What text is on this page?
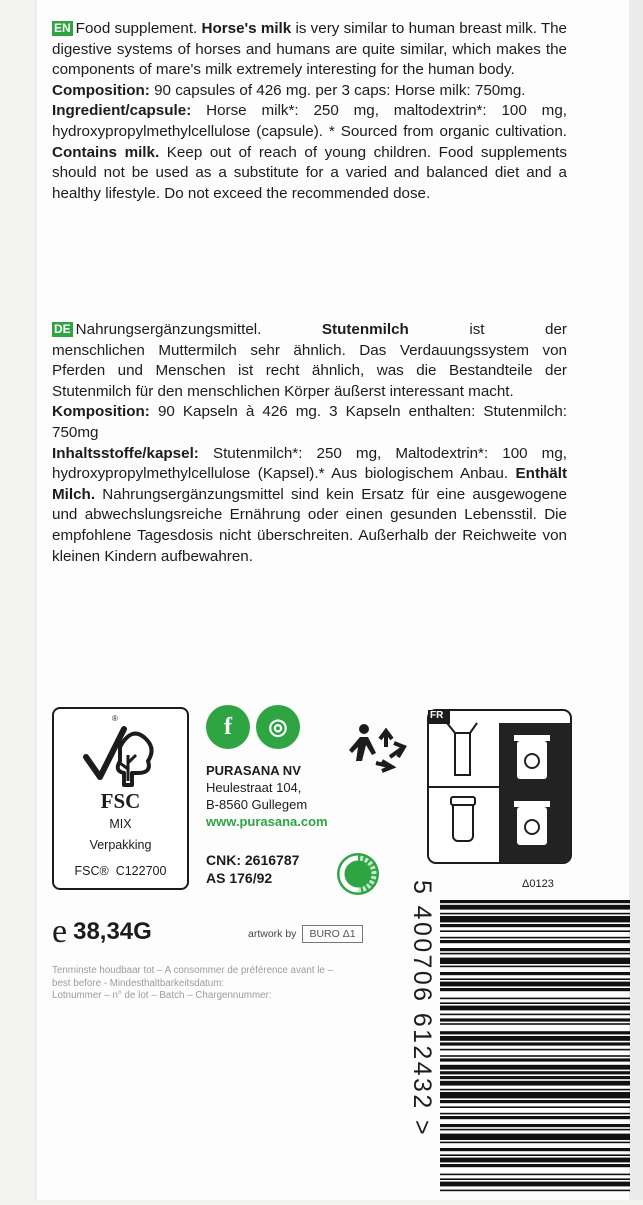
EN Food supplement. Horse's milk is very similar to human breast milk. The digestive systems of horses and humans are quite similar, which makes the components of mare's milk extremely interesting for the human body.

Composition: 90 capsules of 426 mg. per 3 caps: Horse milk: 750mg.

Ingredient/capsule: Horse milk*: 250 mg, maltodextrin*: 100 mg, hydroxypropylmethylcellulose (capsule). * Sourced from organic cultivation. Contains milk. Keep out of reach of young children. Food supplements should not be used as a substitute for a varied and balanced diet and a healthy lifestyle. Do not exceed the recommended dose.

DE Nahrungsergänzungsmittel.	Stutenmilch	ist	der

menschlichen Muttermilch sehr ähnlich. Das Verdauungssystem von Pferden und Menschen ist recht ähnlich, was die Bestandteile der Stutenmilch für den menschlichen Körper äußerst interessant macht.

Komposition: 90 Kapseln à 426 mg. 3 Kapseln enthalten: Stutenmilch: 750mg

Inhaltsstoffe/kapsel: Stutenmilch*: 250 mg, Maltodextrin*: 100 mg, hydroxypropylmethylcellulose (Kapsel).* Aus biologischem Anbau. Enthält Milch. Nahrungsergänzungsmittel sind kein Ersatz für eine ausgewogene und abwechslungsreiche Ernährung oder einen gesunden Lebensstil. Die empfohlene Tagesdosis nicht überschreiten. Außerhalb der Reichweite von kleinen Kindern aufbewahren.

®
FSC
MIX
Verpakking
FSC® C122700
f	◎
PURASANA NV
Heulestraat 104,
B-8560 Gullegem
www.purasana.com
CNK: 2616787
AS 176/92
FR
Δ0123
e 38,34G	artwork by	BURO Δ1
Tenminste houdbaar tot – A consommer de préférence avant le –
best before - Mindesthaltbarkeitsdatum:
Lotnummer – n° de lot – Batch – Chargennummer:	5 400706 612432 >
